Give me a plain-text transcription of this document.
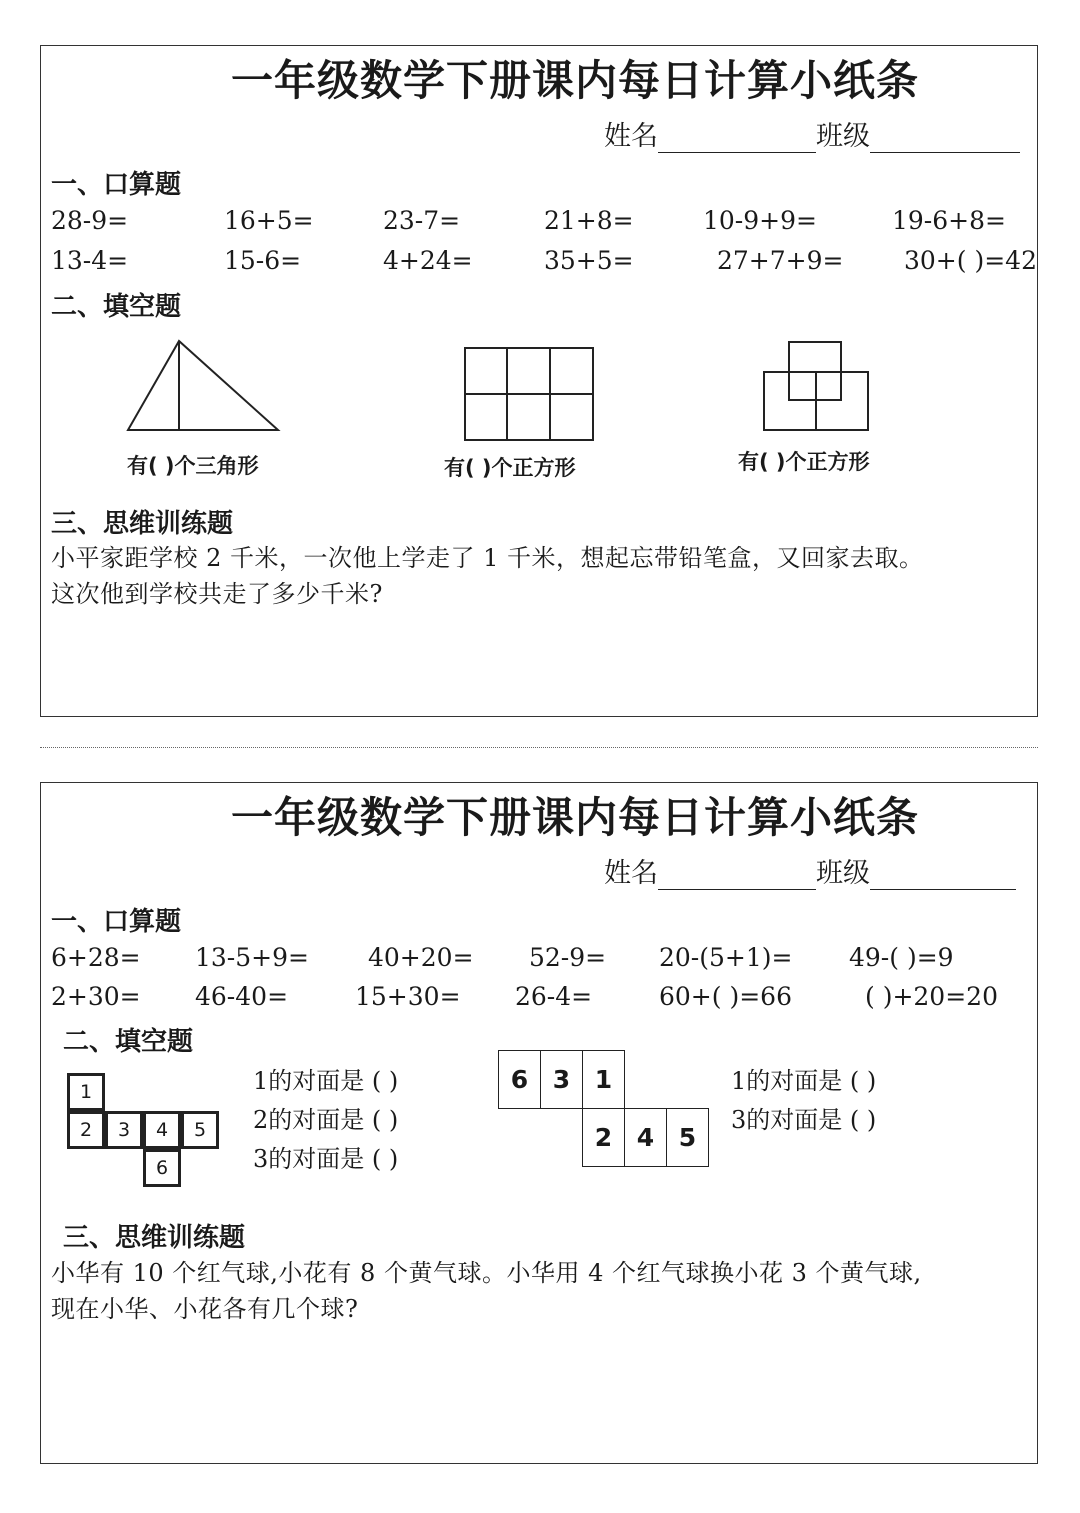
一年级数学下册课内每日计算小纸条
姓名	班级
一、口算题
28-9=	16+5=	23-7=	21+8=	10-9+9=	19-6+8=
13-4=	15-6=	4+24=	35+5=	27+7+9= 30+( )=42
二、填空题
有( )个三角形	有( )个正方形	有( )个正方形
三、思维训练题
小平家距学校 2 千米，一次他上学走了 1 千米，想起忘带铅笔盒，又回家去取。
这次他到学校共走了多少千米?
一年级数学下册课内每日计算小纸条
姓名	班级
一、口算题
6+28= 13-5+9= 40+20= 52-9= 20-(5+1)= 49-( )=9
2+30= 46-40=	15+30= 26-4=	60+( )=66	( )+20=20
二、填空题
1
2	3	4	5
6
1的对面是 ( )
2的对面是 ( )
3的对面是 ( )
6 3 1
2 4 5
1的对面是 ( )
3的对面是 ( )
三、思维训练题
小华有 10 个红气球,小花有 8 个黄气球。小华用 4 个红气球换小花 3 个黄气球,
现在小华、小花各有几个球?
